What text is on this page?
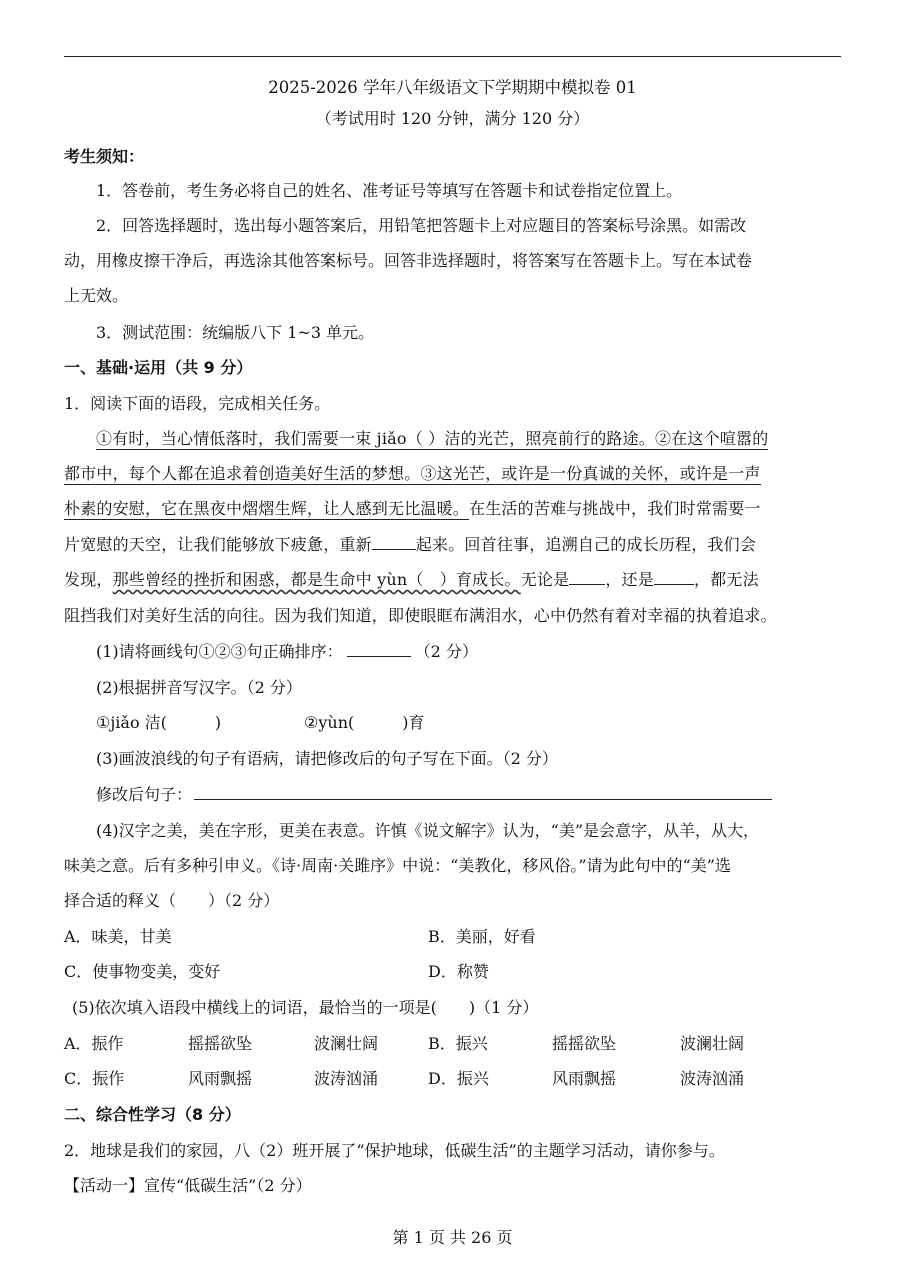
2025-2026 学年八年级语文下学期期中模拟卷 01
（考试用时 120 分钟，满分 120 分）
考生须知：
1．答卷前，考生务必将自己的姓名、准考证号等填写在答题卡和试卷指定位置上。
2．回答选择题时，选出每小题答案后，用铅笔把答题卡上对应题目的答案标号涂黑。如需改
动，用橡皮擦干净后，再选涂其他答案标号。回答非选择题时，将答案写在答题卡上。写在本试卷
上无效。
3．测试范围：统编版八下 1~3 单元。
一、基础·运用（共 9 分）
1．阅读下面的语段，完成相关任务。
①有时，当心情低落时，我们需要一束 jiǎo（ ）洁的光芒，照亮前行的路途。②在这个喧嚣的
都市中，每个人都在追求着创造美好生活的梦想。③这光芒，或许是一份真诚的关怀，或许是一声
朴素的安慰，它在黑夜中熠熠生辉，让人感到无比温暖。在生活的苦难与挑战中，我们时常需要一
片宽慰的天空，让我们能够放下疲惫，重新	起来。回首往事，追溯自己的成长历程，我们会
发现，那些曾经的挫折和困惑，都是生命中 yùn（　）育成长。无论是 ，还是	，都无法
阻挡我们对美好生活的向往。因为我们知道，即使眼眶布满泪水，心中仍然有着对幸福的执着追求。
(1)请将画线句①②③句正确排序：	（2 分）
(2)根据拼音写汉字。（2 分）
①jiǎo 洁(　　　)	②yùn(　　　)育
(3)画波浪线的句子有语病，请把修改后的句子写在下面。（2 分）
修改后句子：
(4)汉字之美，美在字形，更美在表意。许慎《说文解字》认为，“美”是会意字，从羊，从大，
味美之意。后有多种引申义。《诗·周南·关雎序》中说：“美教化，移风俗。”请为此句中的“美”选
择合适的释义（　　）（2 分）
A．味美，甘美	B．美丽，好看
C．使事物变美，变好	D．称赞
(5)依次填入语段中横线上的词语，最恰当的一项是(　　)（1 分）
A．振作	摇摇欲坠	波澜壮阔	B．振兴	摇摇欲坠	波澜壮阔
C．振作	风雨飘摇	波涛汹涌	D．振兴	风雨飘摇	波涛汹涌
二、综合性学习（8 分）
2．地球是我们的家园，八（2）班开展了“保护地球，低碳生活”的主题学习活动，请你参与。
【活动一】宣传“低碳生活”（2 分）
第 1 页 共 26 页
